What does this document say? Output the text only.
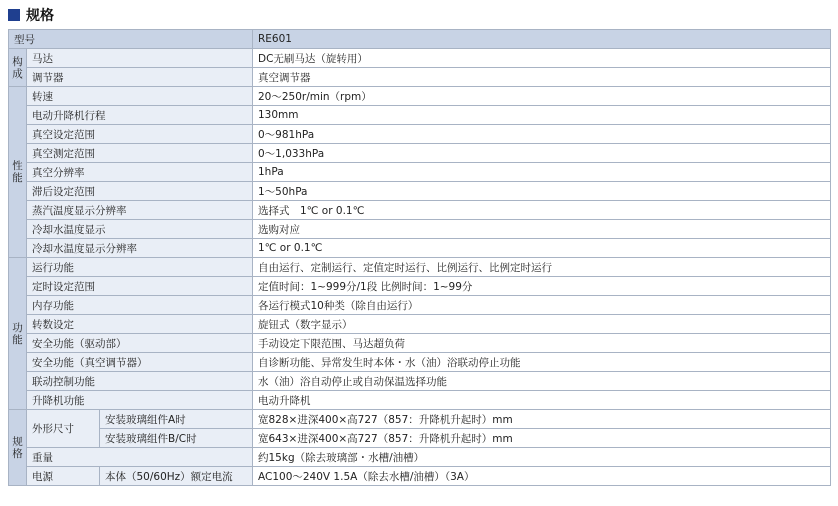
规格
型号			RE601

构
成	马达		DC无刷马达（旋转用）
	调节器		真空调节器

性
能	转速		20～250r/min（rpm）
	电动升降机行程		130mm
	真空设定范围		0～981hPa
	真空测定范围		0～1,033hPa
	真空分辨率		1hPa
	滞后设定范围		1～50hPa
	蒸汽温度显示分辨率		选择式　1℃ or 0.1℃
	冷却水温度显示		选购对应
	冷却水温度显示分辨率		1℃ or 0.1℃

功
能	运行功能		自由运行、定制运行、定值定时运行、比例运行、比例定时运行
	定时设定范围		定值时间：1~999分/1段 比例时间：1~99分
	内存功能		各运行模式10种类（除自由运行）
	转数设定		旋钮式（数字显示）
	安全功能（驱动部）		手动设定下限范围、马达超负荷
	安全功能（真空调节器）		自诊断功能、异常发生时本体・水（油）浴联动停止功能
	联动控制功能		水（油）浴自动停止或自动保温选择功能
	升降机功能		电动升降机

规
格	外形尺寸	安装玻璃组件A时	宽828×进深400×高727（857：升降机升起时）mm
		安装玻璃组件B/C时	宽643×进深400×高727（857：升降机升起时）mm
	重量		约15kg（除去玻璃部・水槽/油槽）
	电源	本体（50/60Hz）额定电流	AC100～240V 1.5A（除去水槽/油槽）（3A）
